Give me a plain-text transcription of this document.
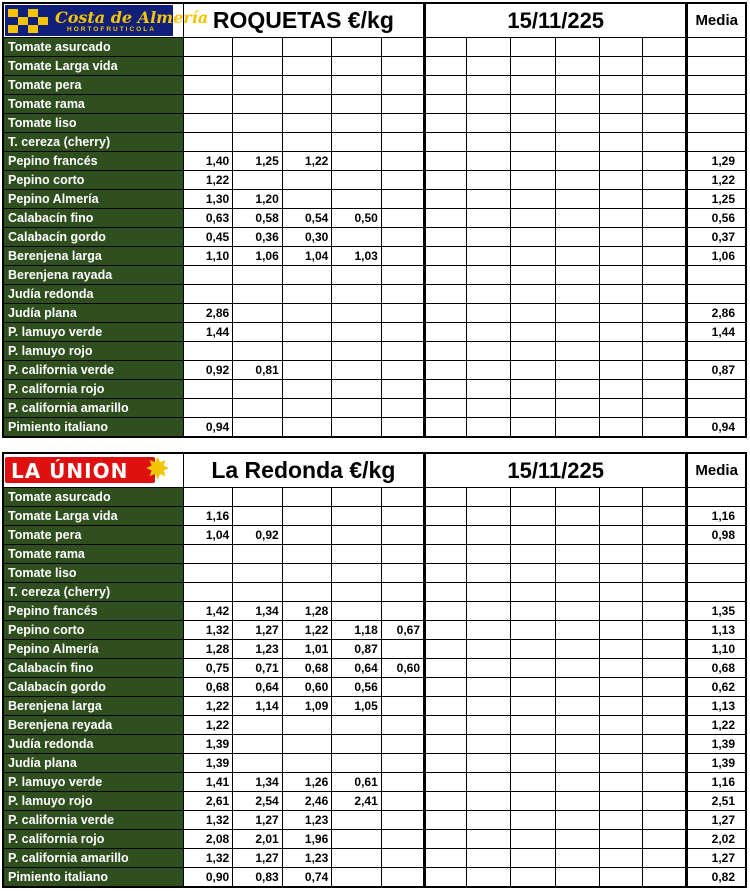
Costa de Almería
HORTOFRUTICOLA	ROQUETAS €/kg					15/11/225						Media
Tomate asurcado												
Tomate Larga vida												
Tomate pera												
Tomate rama												
Tomate liso												
T. cereza (cherry)												
Pepino francés	1,40	1,25	1,22									1,29
Pepino corto	1,22											1,22
Pepino Almería	1,30	1,20										1,25
Calabacín fino	0,63	0,58	0,54	0,50								0,56
Calabacín gordo	0,45	0,36	0,30									0,37
Berenjena larga	1,10	1,06	1,04	1,03								1,06
Berenjena rayada												
Judía redonda												
Judía plana	2,86											2,86
P. lamuyo verde	1,44											1,44
P. lamuyo rojo												
P. california verde	0,92	0,81										0,87
P. california rojo												
P. california amarillo												
Pimiento italiano	0,94											0,94
LA ÚNION ✸	La Redonda €/kg					15/11/225						Media
Tomate asurcado												
Tomate Larga vida	1,16											1,16
Tomate pera	1,04	0,92										0,98
Tomate rama												
Tomate liso												
T. cereza (cherry)												
Pepino francés	1,42	1,34	1,28									1,35
Pepino corto	1,32	1,27	1,22	1,18	0,67							1,13
Pepino Almería	1,28	1,23	1,01	0,87								1,10
Calabacín fino	0,75	0,71	0,68	0,64	0,60							0,68
Calabacín gordo	0,68	0,64	0,60	0,56								0,62
Berenjena larga	1,22	1,14	1,09	1,05								1,13
Berenjena reyada	1,22											1,22
Judía redonda	1,39											1,39
Judía plana	1,39											1,39
P. lamuyo verde	1,41	1,34	1,26	0,61								1,16
P. lamuyo rojo	2,61	2,54	2,46	2,41								2,51
P. california verde	1,32	1,27	1,23									1,27
P. california rojo	2,08	2,01	1,96									2,02
P. california amarillo	1,32	1,27	1,23									1,27
Pimiento italiano	0,90	0,83	0,74									0,82
